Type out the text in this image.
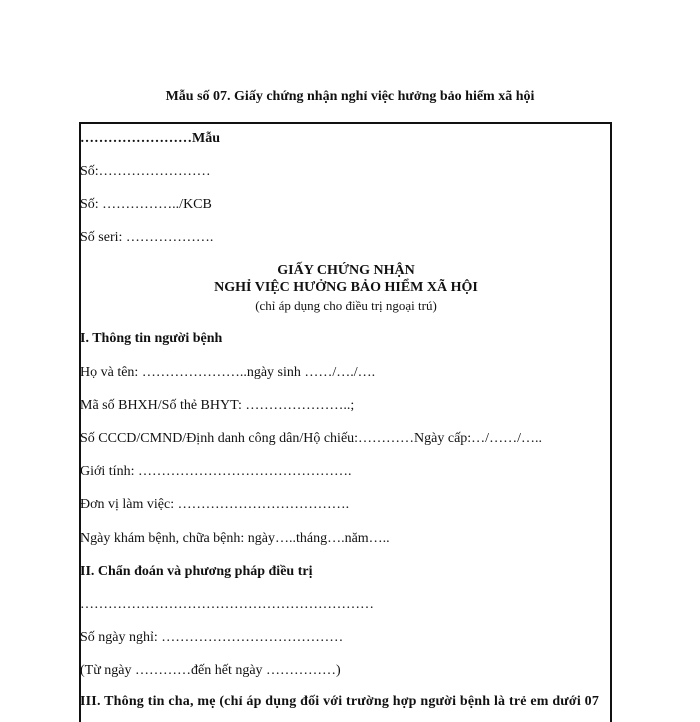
Mẫu số 07. Giấy chứng nhận nghỉ việc hưởng bảo hiểm xã hội
……………………Mẫu
Số:……………………
Số: ……………../KCB
Số seri: ……………….
GIẤY CHỨNG NHẬN
NGHỈ VIỆC HƯỞNG BẢO HIỂM XÃ HỘI
(chỉ áp dụng cho điều trị ngoại trú)
I. Thông tin người bệnh
Họ và tên: …………………..ngày sinh ……/…./….
Mã số BHXH/Số thẻ BHYT: …………………..;
Số CCCD/CMND/Định danh công dân/Hộ chiếu:…………Ngày cấp:…/……/…..
Giới tính: ……………………………………….
Đơn vị làm việc: ……………………………….
Ngày khám bệnh, chữa bệnh: ngày…..tháng….năm…..
II. Chẩn đoán và phương pháp điều trị
………………………………………………………
Số ngày nghỉ: …………………………………
(Từ ngày …………đến hết ngày ……………)
III. Thông tin cha, mẹ (chỉ áp dụng đối với trường hợp người bệnh là trẻ em dưới 07
